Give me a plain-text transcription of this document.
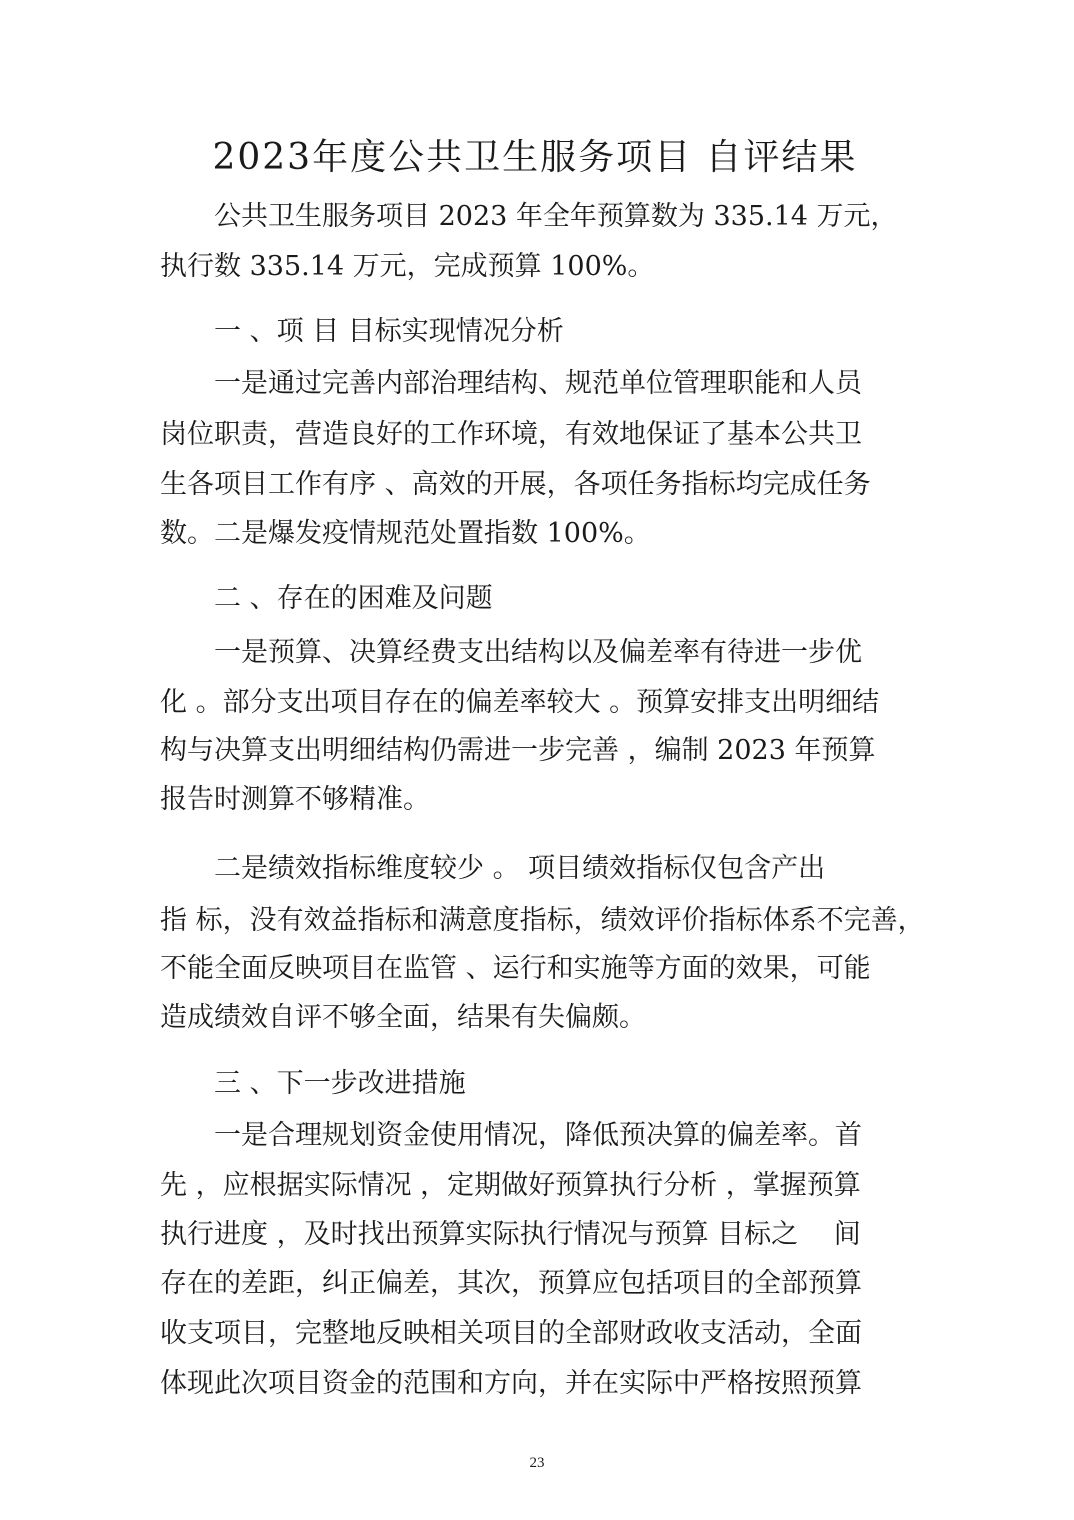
2023年度公共卫生服务项目 自评结果
公共卫生服务项目 2023 年全年预算数为 335.14 万元，
执行数 335.14 万元，完成预算 100%。
一 、项 目 目标实现情况分析
一是通过完善内部治理结构、规范单位管理职能和人员
岗位职责，营造良好的工作环境，有效地保证了基本公共卫
生各项目工作有序 、高效的开展，各项任务指标均完成任务
数。二是爆发疫情规范处置指数 100%。
二 、存在的困难及问题
一是预算、决算经费支出结构以及偏差率有待进一步优
化 。部分支出项目存在的偏差率较大 。预算安排支出明细结
构与决算支出明细结构仍需进一步完善 ，编制 2023 年预算
报告时测算不够精准。
二是绩效指标维度较少 。 项目绩效指标仅包含产出
指 标，没有效益指标和满意度指标，绩效评价指标体系不完善，
不能全面反映项目在监管 、运行和实施等方面的效果，可能
造成绩效自评不够全面，结果有失偏颇。
三 、下一步改进措施
一是合理规划资金使用情况，降低预决算的偏差率。首
先 ，应根据实际情况 ，定期做好预算执行分析 ，掌握预算
执行进度 ，及时找出预算实际执行情况与预算 目标之　 间
存在的差距，纠正偏差，其次，预算应包括项目的全部预算
收支项目，完整地反映相关项目的全部财政收支活动，全面
体现此次项目资金的范围和方向，并在实际中严格按照预算
23
